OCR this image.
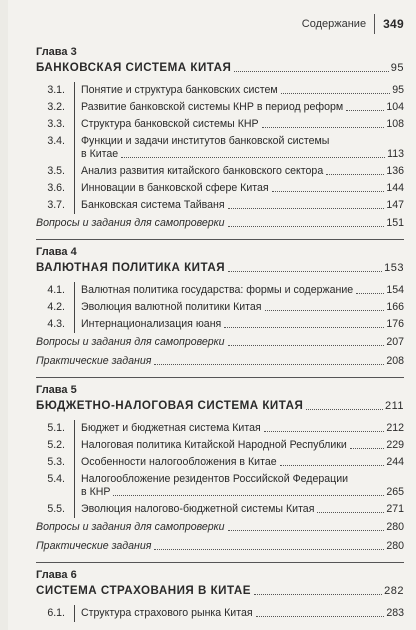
Содержание 349
Глава 3
БАНКОВСКАЯ СИСТЕМА КИТАЯ	95
3.1. Понятие и структура банковских систем	95
3.2. Развитие банковской системы КНР в период реформ	104
3.3. Структура банковской системы КНР	108
3.4. Функции и задачи институтов банковской системы
в Китае	113
3.5. Анализ развития китайского банковского сектора	136
3.6. Инновации в банковской сфере Китая	144
3.7. Банковская система Тайваня	147
Вопросы и задания для самопроверки	151
Глава 4
ВАЛЮТНАЯ ПОЛИТИКА КИТАЯ	153
4.1. Валютная политика государства: формы и содержание	154
4.2. Эволюция валютной политики Китая	166
4.3. Интернационализация юаня	176
Вопросы и задания для самопроверки	207
Практические задания	208
Глава 5
БЮДЖЕТНО-НАЛОГОВАЯ СИСТЕМА КИТАЯ	211
5.1. Бюджет и бюджетная система Китая	212
5.2. Налоговая политика Китайской Народной Республики	229
5.3. Особенности налогообложения в Китае	244
5.4. Налогообложение резидентов Российской Федерации
в КНР	265
5.5. Эволюция налогово-бюджетной системы Китая	271
Вопросы и задания для самопроверки	280
Практические задания	280
Глава 6
СИСТЕМА СТРАХОВАНИЯ В КИТАЕ	282
6.1. Структура страхового рынка Китая	283
